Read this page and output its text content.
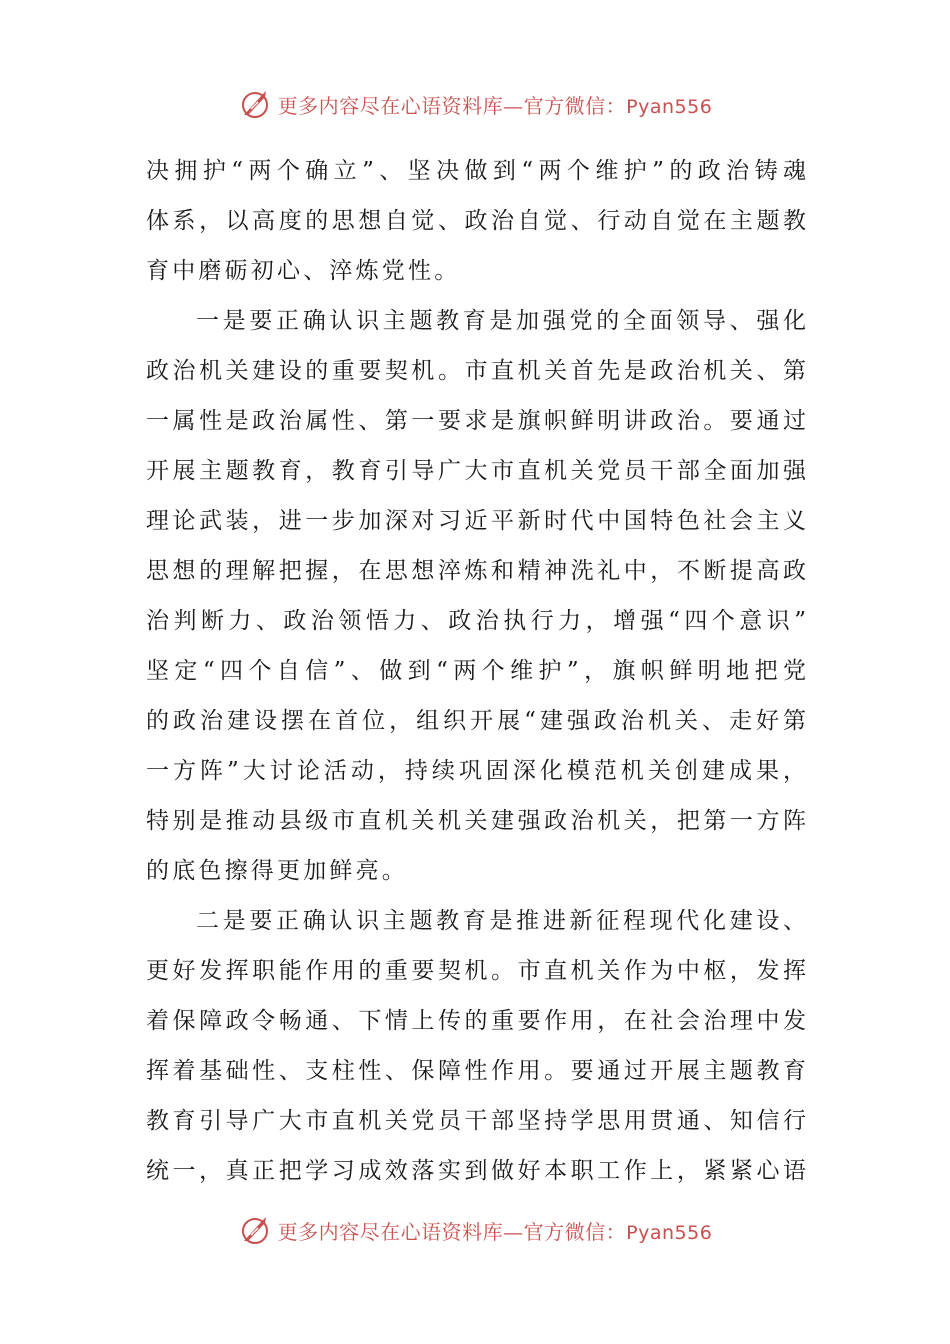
更多内容尽在心语资料库—官方微信：Pyan556
决拥护“两个确立”、坚决做到“两个维护”的政治铸魂
体系，以高度的思想自觉、政治自觉、行动自觉在主题教
育中磨砺初心、淬炼党性。
一是要正确认识主题教育是加强党的全面领导、强化
政治机关建设的重要契机。市直机关首先是政治机关、第
一属性是政治属性、第一要求是旗帜鲜明讲政治。要通过
开展主题教育，教育引导广大市直机关党员干部全面加强
理论武装，进一步加深对习近平新时代中国特色社会主义
思想的理解把握，在思想淬炼和精神洗礼中，不断提高政
治判断力、政治领悟力、政治执行力，增强“四个意识”
坚定“四个自信”、做到“两个维护”，旗帜鲜明地把党
的政治建设摆在首位，组织开展“建强政治机关、走好第
一方阵”大讨论活动，持续巩固深化模范机关创建成果，
特别是推动县级市直机关机关建强政治机关，把第一方阵
的底色擦得更加鲜亮。
二是要正确认识主题教育是推进新征程现代化建设、
更好发挥职能作用的重要契机。市直机关作为中枢，发挥
着保障政令畅通、下情上传的重要作用，在社会治理中发
挥着基础性、支柱性、保障性作用。要通过开展主题教育
教育引导广大市直机关党员干部坚持学思用贯通、知信行
统一，真正把学习成效落实到做好本职工作上，紧紧心语
更多内容尽在心语资料库—官方微信：Pyan556
